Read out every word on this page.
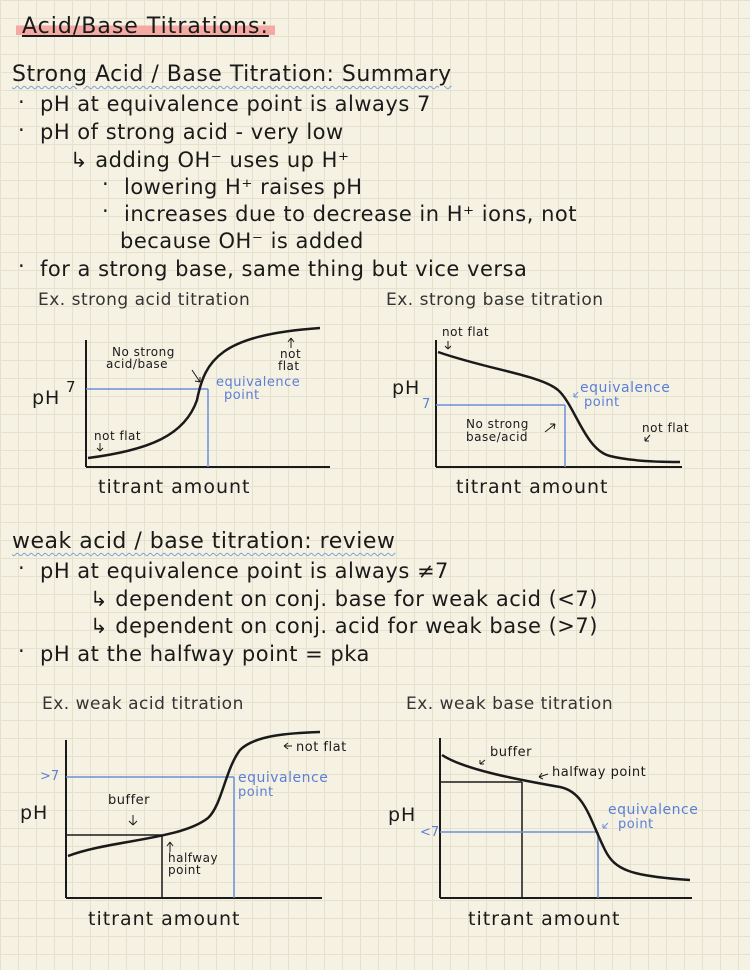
Acid/Base Titrations:
Strong Acid / Base Titration: Summary
· pH at equivalence point is always 7
· pH of strong acid - very low
↳ adding OH⁻ uses up H⁺
· lowering H⁺ raises pH
· increases due to decrease in H⁺ ions, not
because OH⁻ is added
· for a strong base, same thing but vice versa
Ex. strong acid titration	Ex. strong base titration
pH 7
titrant amount
No strong
acid/base
not
flat
equivalence
point
not flat
pH
7
titrant amount
not flat
equivalence
point
No strong
base/acid
not flat
weak acid / base titration: review
· pH at equivalence point is always ≠7
↳ dependent on conj. base for weak acid (<7)
↳ dependent on conj. acid for weak base (>7)
· pH at the halfway point = pka
Ex. weak acid titration	Ex. weak base titration
pH
>7
titrant amount
not flat
equivalence
point
buffer
halfway
point
pH
<7
titrant amount
buffer
halfway point
equivalence
point
